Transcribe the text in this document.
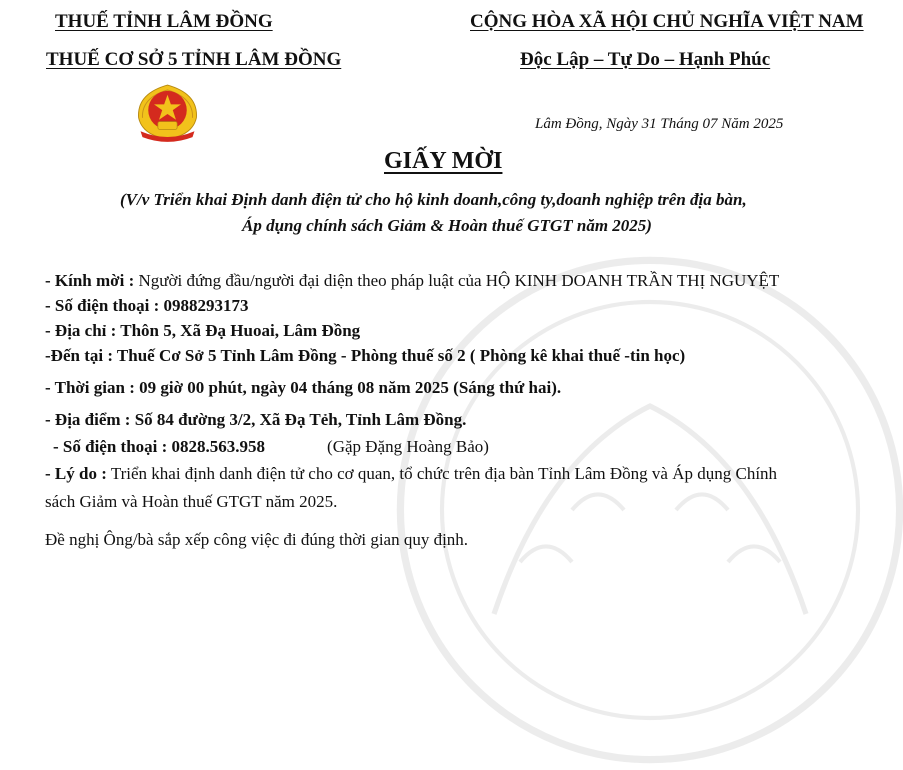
THUẾ TỈNH LÂM ĐỒNG
THUẾ CƠ SỞ 5 TỈNH LÂM ĐỒNG
CỘNG HÒA XÃ HỘI CHỦ NGHĨA VIỆT NAM
Độc Lập – Tự Do – Hạnh Phúc
Lâm Đồng, Ngày 31 Tháng 07 Năm 2025
GIẤY MỜI
(V/v Triển khai Định danh điện tử cho hộ kinh doanh,công ty,doanh nghiệp trên địa bàn,
Áp dụng chính sách Giảm & Hoàn thuế GTGT năm 2025)
- Kính mời : Người đứng đầu/người đại diện theo pháp luật của HỘ KINH DOANH TRẦN THỊ NGUYỆT
- Số điện thoại : 0988293173
- Địa chỉ : Thôn 5, Xã Đạ Huoai, Lâm Đồng
-Đến tại : Thuế Cơ Sở 5 Tỉnh Lâm Đồng - Phòng thuế số 2 ( Phòng kê khai thuế -tin học)
- Thời gian : 09 giờ 00 phút, ngày 04 tháng 08 năm 2025 (Sáng thứ hai).
- Địa điểm : Số 84 đường 3/2, Xã Đạ Tẻh, Tỉnh Lâm Đồng.
- Số điện thoại : 0828.563.958	(Gặp Đặng Hoàng Bảo)
- Lý do : Triển khai định danh điện tử cho cơ quan, tổ chức trên địa bàn Tỉnh Lâm Đồng và Áp dụng Chính
sách Giảm và Hoàn thuế GTGT năm 2025.
Đề nghị Ông/bà sắp xếp công việc đi đúng thời gian quy định.
